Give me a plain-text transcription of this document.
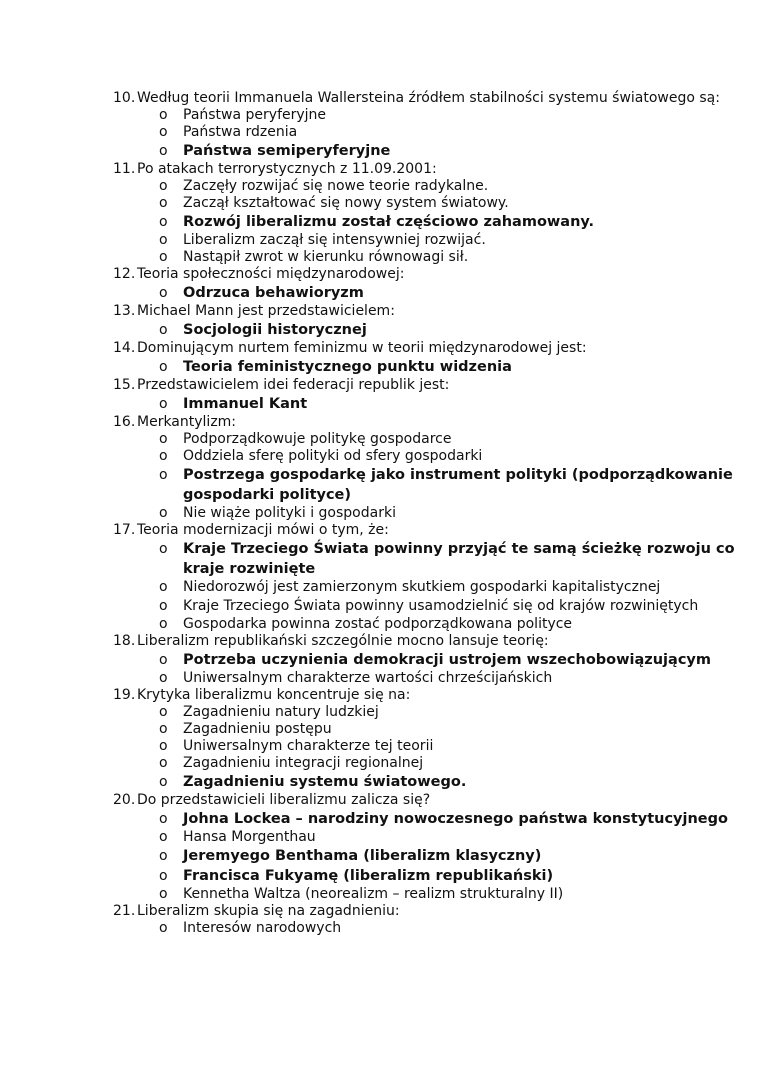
10. Według teorii Immanuela Wallersteina źródłem stabilności systemu światowego są:
o Państwa peryferyjne
o Państwa rdzenia
o Państwa semiperyferyjne
11. Po atakach terrorystycznych z 11.09.2001:
o Zaczęły rozwijać się nowe teorie radykalne.
o Zaczął kształtować się nowy system światowy.
o Rozwój liberalizmu został częściowo zahamowany.
o Liberalizm zaczął się intensywniej rozwijać.
o Nastąpił zwrot w kierunku równowagi sił.
12. Teoria społeczności międzynarodowej:
o Odrzuca behawioryzm
13. Michael Mann jest przedstawicielem:
o Socjologii historycznej
14. Dominującym nurtem feminizmu w teorii międzynarodowej jest:
o Teoria feministycznego punktu widzenia
15. Przedstawicielem idei federacji republik jest:
o Immanuel Kant
16. Merkantylizm:
o Podporządkowuje politykę gospodarce
o Oddziela sferę polityki od sfery gospodarki
o Postrzega gospodarkę jako instrument polityki (podporządkowanie gospodarki polityce)
o Nie wiąże polityki i gospodarki
17. Teoria modernizacji mówi o tym, że:
o Kraje Trzeciego Świata powinny przyjąć te samą ścieżkę rozwoju co kraje rozwinięte
o Niedorozwój jest zamierzonym skutkiem gospodarki kapitalistycznej
o Kraje Trzeciego Świata powinny usamodzielnić się od krajów rozwiniętych
o Gospodarka powinna zostać podporządkowana polityce
18. Liberalizm republikański szczególnie mocno lansuje teorię:
o Potrzeba uczynienia demokracji ustrojem wszechobowiązującym
o Uniwersalnym charakterze wartości chrześcijańskich
19. Krytyka liberalizmu koncentruje się na:
o Zagadnieniu natury ludzkiej
o Zagadnieniu postępu
o Uniwersalnym charakterze tej teorii
o Zagadnieniu integracji regionalnej
o Zagadnieniu systemu światowego.
20. Do przedstawicieli liberalizmu zalicza się?
o Johna Lockea – narodziny nowoczesnego państwa konstytucyjnego
o Hansa Morgenthau
o Jeremyego Benthama (liberalizm klasyczny)
o Francisca Fukyamę (liberalizm republikański)
o Kennetha Waltza (neorealizm – realizm strukturalny II)
21. Liberalizm skupia się na zagadnieniu:
o Interesów narodowych
